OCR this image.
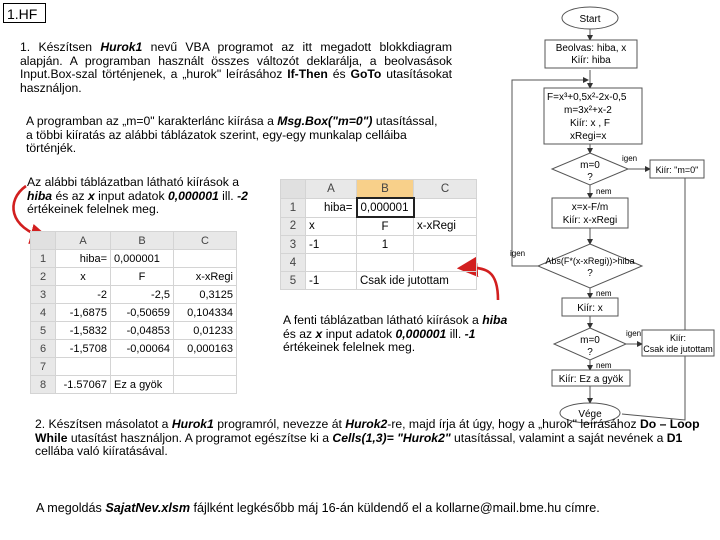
1.HF
1. Készítsen Hurok1 nevű VBA programot az itt megadott blokkdiagram alapján. A programban használt összes változót deklarálja, a beolvasások Input.Box-szal történjenek, a „hurok" leírásához If-Then és GoTo utasításokat használjon.
A programban az „m=0" karakterlánc kiírása a Msg.Box("m=0") utasítással, a többi kiíratás az alábbi táblázatok szerint, egy-egy munkalap celláiba történjék.
Az alábbi táblázatban látható kiírások a hiba és az x input adatok 0,000001 ill. -2 értékeinek felelnek meg.
	A	B	C
1	hiba=	0,000001	
2	x	F	x-xRegi
3	-2	-2,5	0,3125
4	-1,6875	-0,50659	0,104334
5	-1,5832	-0,04853	0,01233
6	-1,5708	-0,00064	0,000163
7			
8	-1.57067	Ez a gyök	
	A	B	C
1	hiba=	0,000001	
2	x	F	x-xRegi
3	-1	1	
4			
5	-1	Csak ide jutottam	
A fenti táblázatban látható kiírások a hiba és az x input adatok 0,000001 ill. -1 értékeinek felelnek meg.
Start
Beolvas: hiba, x
Kiír: hiba
F=x³+0,5x²-2x-0,5
m=3x²+x-2
Kiír: x , F
xRegi=x
m=0
?
igen
nem
Kiír: "m=0"
x=x-F/m
Kiír: x-xRegi
Abs(F*(x-xRegi))>hiba
?
igen
nem
Kiír: x
m=0
?
igen
nem
Kiír:
Csak ide jutottam
Kiír: Ez a gyök
Vége
2. Készítsen másolatot a Hurok1 programról, nevezze át Hurok2-re, majd írja át úgy, hogy a „hurok" leírásához Do – Loop While utasítást használjon. A programot egészítse ki a Cells(1,3)= "Hurok2" utasítással, valamint a saját nevének a D1 cellába való kiíratásával.
A megoldás SajatNev.xlsm fájlként legkésőbb máj 16-án küldendő el a kollarne@mail.bme.hu címre.
